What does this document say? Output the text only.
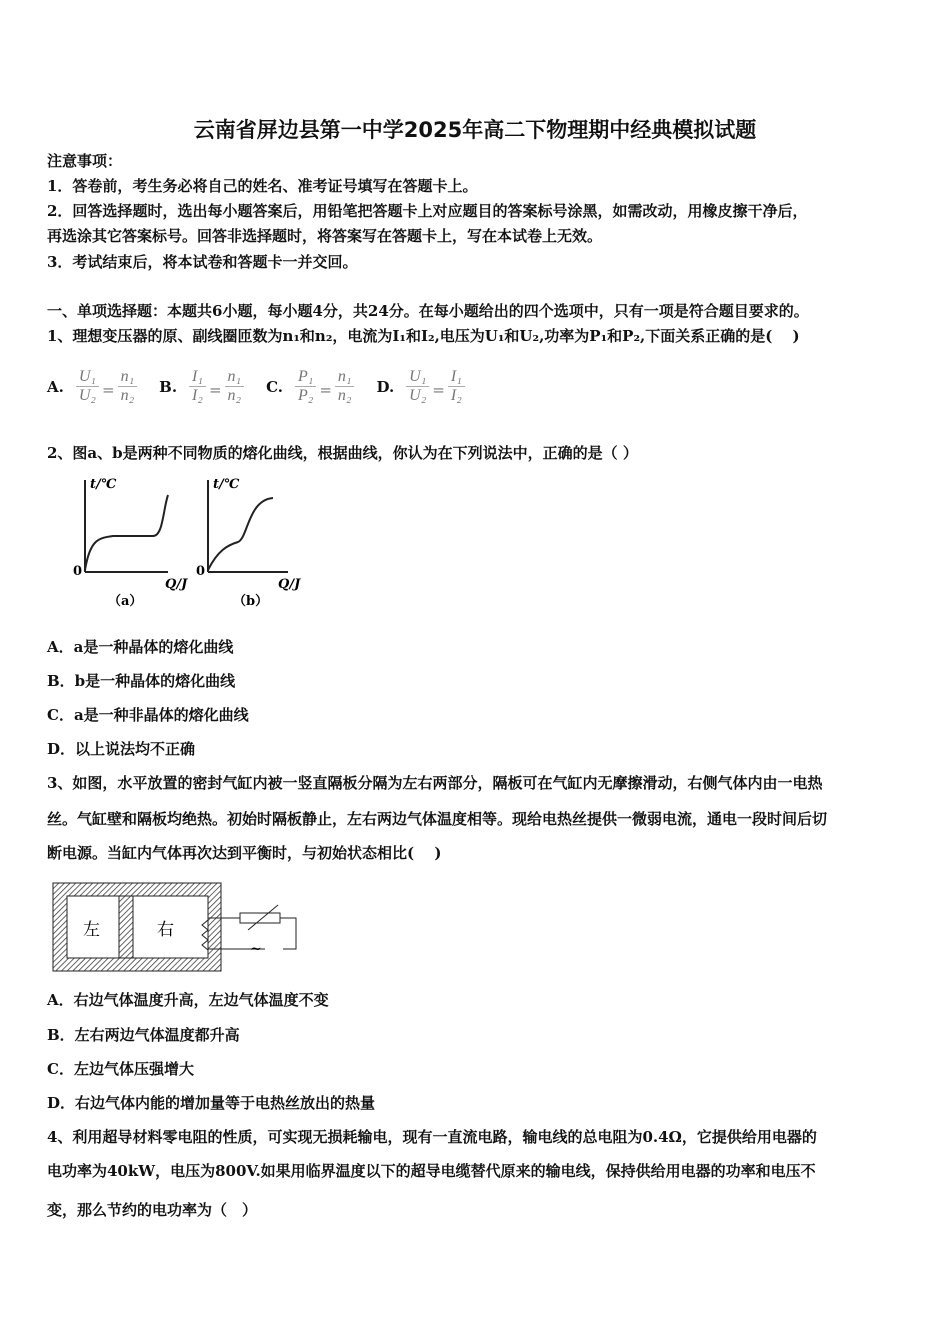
云南省屏边县第一中学2025年高二下物理期中经典模拟试题
注意事项：
1．答卷前，考生务必将自己的姓名、准考证号填写在答题卡上。
2．回答选择题时，选出每小题答案后，用铅笔把答题卡上对应题目的答案标号涂黑，如需改动，用橡皮擦干净后，
再选涂其它答案标号。回答非选择题时，将答案写在答题卡上，写在本试卷上无效。
3．考试结束后，将本试卷和答题卡一并交回。
一、单项选择题：本题共6小题，每小题4分，共24分。在每小题给出的四个选项中，只有一项是符合题目要求的。
1、理想变压器的原、副线圈匝数为n₁和n₂，电流为I₁和I₂,电压为U₁和U₂,功率为P₁和P₂,下面关系正确的是(　 )
A. $\frac{\text{U₁}}{\text{U₂}} = \frac{\text{n₁}}{\text{n₂}} B$. $\frac{\text{I₁}}{\text{I₂}} = \frac{\text{n₁}}{\text{n₂}} C$. $\frac{\text{P₁}}{\text{P₂}} = \frac{\text{n₁}}{\text{n₂}} D$. $\frac{\text{U₁}}{\text{U₂}} = \frac{\text{I₁}}{\text{I₂}}$
2、图a、b是两种不同物质的熔化曲线，根据曲线，你认为在下列说法中，正确的是（ ）
t/℃	t/℃
0	0
Q/J	Q/J
（a）	（b）
A．a是一种晶体的熔化曲线
B．b是一种晶体的熔化曲线
C．a是一种非晶体的熔化曲线
D．以上说法均不正确
3、如图，水平放置的密封气缸内被一竖直隔板分隔为左右两部分，隔板可在气缸内无摩擦滑动，右侧气体内由一电热
丝。气缸壁和隔板均绝热。初始时隔板静止，左右两边气体温度相等。现给电热丝提供一微弱电流，通电一段时间后切
断电源。当缸内气体再次达到平衡时，与初始状态相比(　 )
左	右
~
A．右边气体温度升高，左边气体温度不变
B．左右两边气体温度都升高
C．左边气体压强增大
D．右边气体内能的增加量等于电热丝放出的热量
4、利用超导材料零电阻的性质，可实现无损耗输电，现有一直流电路，输电线的总电阻为0.4Ω，它提供给用电器的
电功率为40kW，电压为800V.如果用临界温度以下的超导电缆替代原来的输电线，保持供给用电器的功率和电压不
变，那么节约的电功率为（　）
